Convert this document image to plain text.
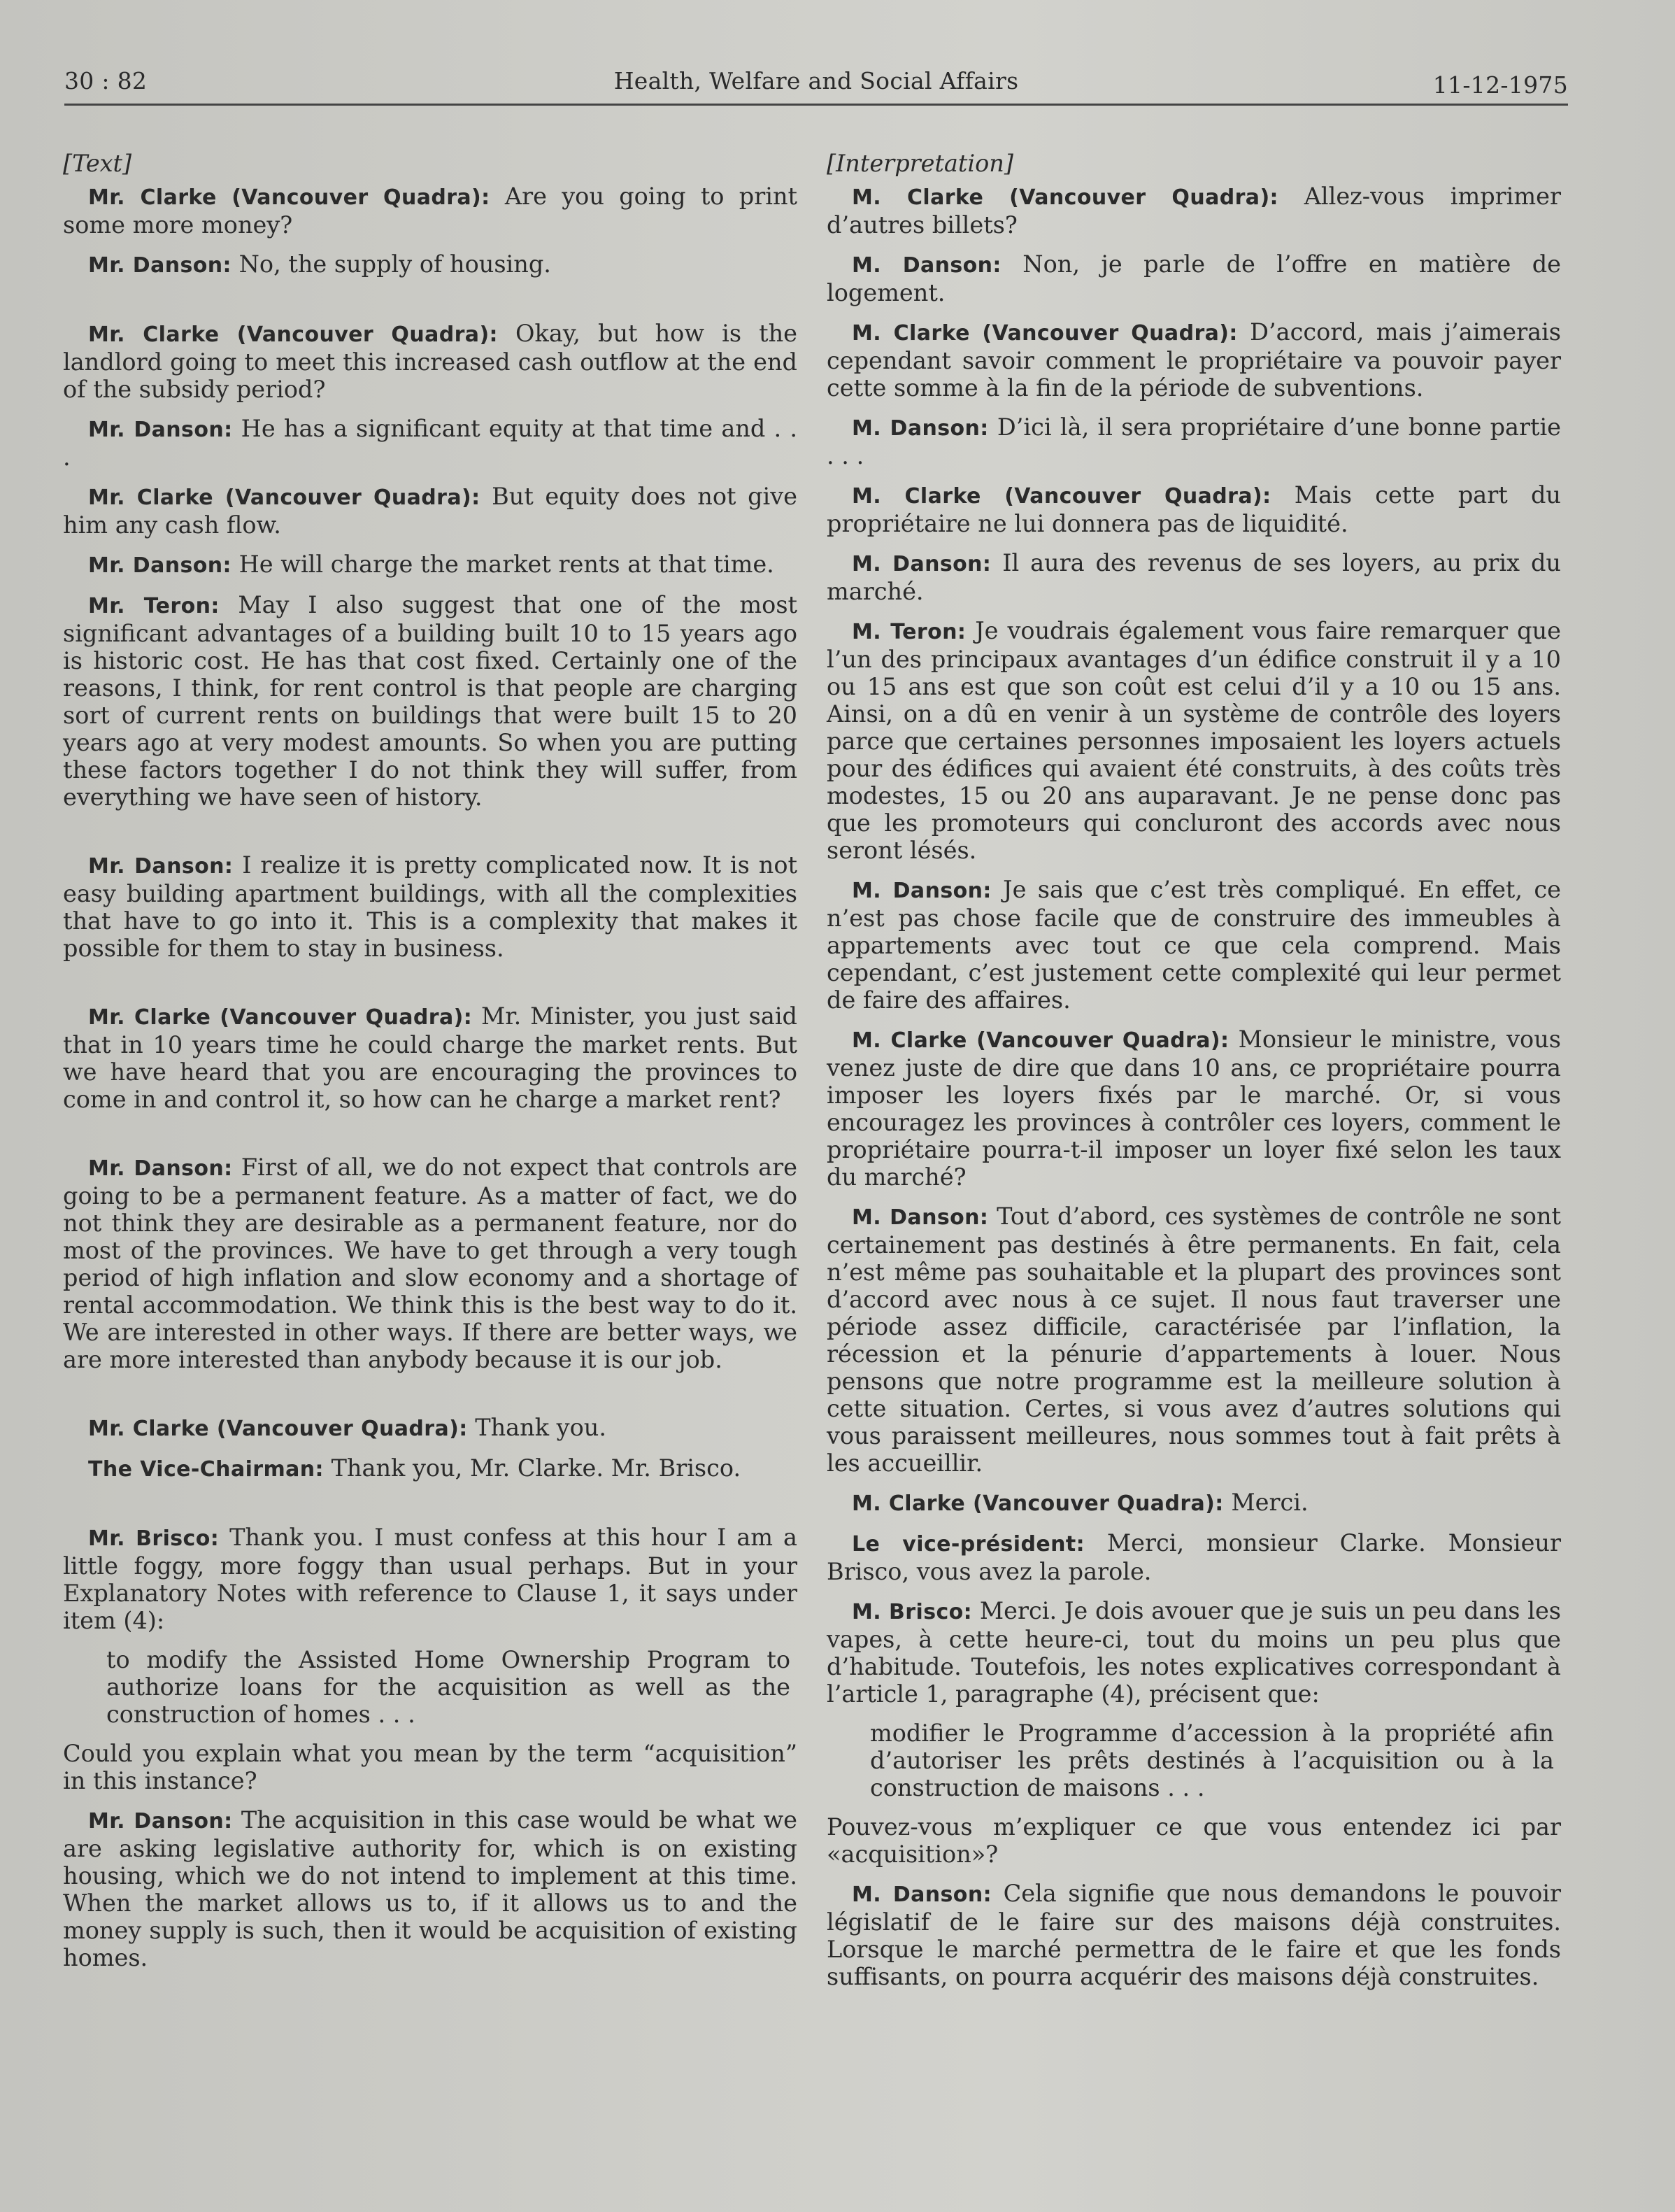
30 : 82	Health, Welfare and Social Affairs	11-12-1975

[Text]

Mr. Clarke (Vancouver Quadra): Are you going to print some more money?

Mr. Danson: No, the supply of housing.

Mr. Clarke (Vancouver Quadra): Okay, but how is the landlord going to meet this increased cash outflow at the end of the subsidy period?

Mr. Danson: He has a significant equity at that time and . . .

Mr. Clarke (Vancouver Quadra): But equity does not give him any cash flow.

Mr. Danson: He will charge the market rents at that time.

Mr. Teron: May I also suggest that one of the most significant advantages of a building built 10 to 15 years ago is historic cost. He has that cost fixed. Certainly one of the reasons, I think, for rent control is that people are charging sort of current rents on buildings that were built 15 to 20 years ago at very modest amounts. So when you are putting these factors together I do not think they will suffer, from everything we have seen of history.

Mr. Danson: I realize it is pretty complicated now. It is not easy building apartment buildings, with all the complexities that have to go into it. This is a complexity that makes it possible for them to stay in business.

Mr. Clarke (Vancouver Quadra): Mr. Minister, you just said that in 10 years time he could charge the market rents. But we have heard that you are encouraging the provinces to come in and control it, so how can he charge a market rent?

Mr. Danson: First of all, we do not expect that controls are going to be a permanent feature. As a matter of fact, we do not think they are desirable as a permanent feature, nor do most of the provinces. We have to get through a very tough period of high inflation and slow economy and a shortage of rental accommodation. We think this is the best way to do it. We are interested in other ways. If there are better ways, we are more interested than anybody because it is our job.

Mr. Clarke (Vancouver Quadra): Thank you.

The Vice-Chairman: Thank you, Mr. Clarke. Mr. Brisco.

Mr. Brisco: Thank you. I must confess at this hour I am a little foggy, more foggy than usual perhaps. But in your Explanatory Notes with reference to Clause 1, it says under item (4):

to modify the Assisted Home Ownership Program to authorize loans for the acquisition as well as the construction of homes . . .

Could you explain what you mean by the term “acquisition” in this instance?

Mr. Danson: The acquisition in this case would be what we are asking legislative authority for, which is on existing housing, which we do not intend to implement at this time. When the market allows us to, if it allows us to and the money supply is such, then it would be acquisition of existing homes.

[Interpretation]

M. Clarke (Vancouver Quadra): Allez-vous imprimer d’autres billets?

M. Danson: Non, je parle de l’offre en matière de logement.

M. Clarke (Vancouver Quadra): D’accord, mais j’aimerais cependant savoir comment le propriétaire va pouvoir payer cette somme à la fin de la période de subventions.

M. Danson: D’ici là, il sera propriétaire d’une bonne partie . . .

M. Clarke (Vancouver Quadra): Mais cette part du propriétaire ne lui donnera pas de liquidité.

M. Danson: Il aura des revenus de ses loyers, au prix du marché.

M. Teron: Je voudrais également vous faire remarquer que l’un des principaux avantages d’un édifice construit il y a 10 ou 15 ans est que son coût est celui d’il y a 10 ou 15 ans. Ainsi, on a dû en venir à un système de contrôle des loyers parce que certaines personnes imposaient les loyers actuels pour des édifices qui avaient été construits, à des coûts très modestes, 15 ou 20 ans auparavant. Je ne pense donc pas que les promoteurs qui concluront des accords avec nous seront lésés.

M. Danson: Je sais que c’est très compliqué. En effet, ce n’est pas chose facile que de construire des immeubles à appartements avec tout ce que cela comprend. Mais cependant, c’est justement cette complexité qui leur permet de faire des affaires.

M. Clarke (Vancouver Quadra): Monsieur le ministre, vous venez juste de dire que dans 10 ans, ce propriétaire pourra imposer les loyers fixés par le marché. Or, si vous encouragez les provinces à contrôler ces loyers, comment le propriétaire pourra-t-il imposer un loyer fixé selon les taux du marché?

M. Danson: Tout d’abord, ces systèmes de contrôle ne sont certainement pas destinés à être permanents. En fait, cela n’est même pas souhaitable et la plupart des provinces sont d’accord avec nous à ce sujet. Il nous faut traverser une période assez difficile, caractérisée par l’inflation, la récession et la pénurie d’appartements à louer. Nous pensons que notre programme est la meilleure solution à cette situation. Certes, si vous avez d’autres solutions qui vous paraissent meilleures, nous sommes tout à fait prêts à les accueillir.

M. Clarke (Vancouver Quadra): Merci.

Le vice-président: Merci, monsieur Clarke. Monsieur Brisco, vous avez la parole.

M. Brisco: Merci. Je dois avouer que je suis un peu dans les vapes, à cette heure-ci, tout du moins un peu plus que d’habitude. Toutefois, les notes explicatives correspondant à l’article 1, paragraphe (4), précisent que:

modifier le Programme d’accession à la propriété afin d’autoriser les prêts destinés à l’acquisition ou à la construction de maisons . . .

Pouvez-vous m’expliquer ce que vous entendez ici par «acquisition»?

M. Danson: Cela signifie que nous demandons le pouvoir législatif de le faire sur des maisons déjà construites. Lorsque le marché permettra de le faire et que les fonds suffisants, on pourra acquérir des maisons déjà construites.
